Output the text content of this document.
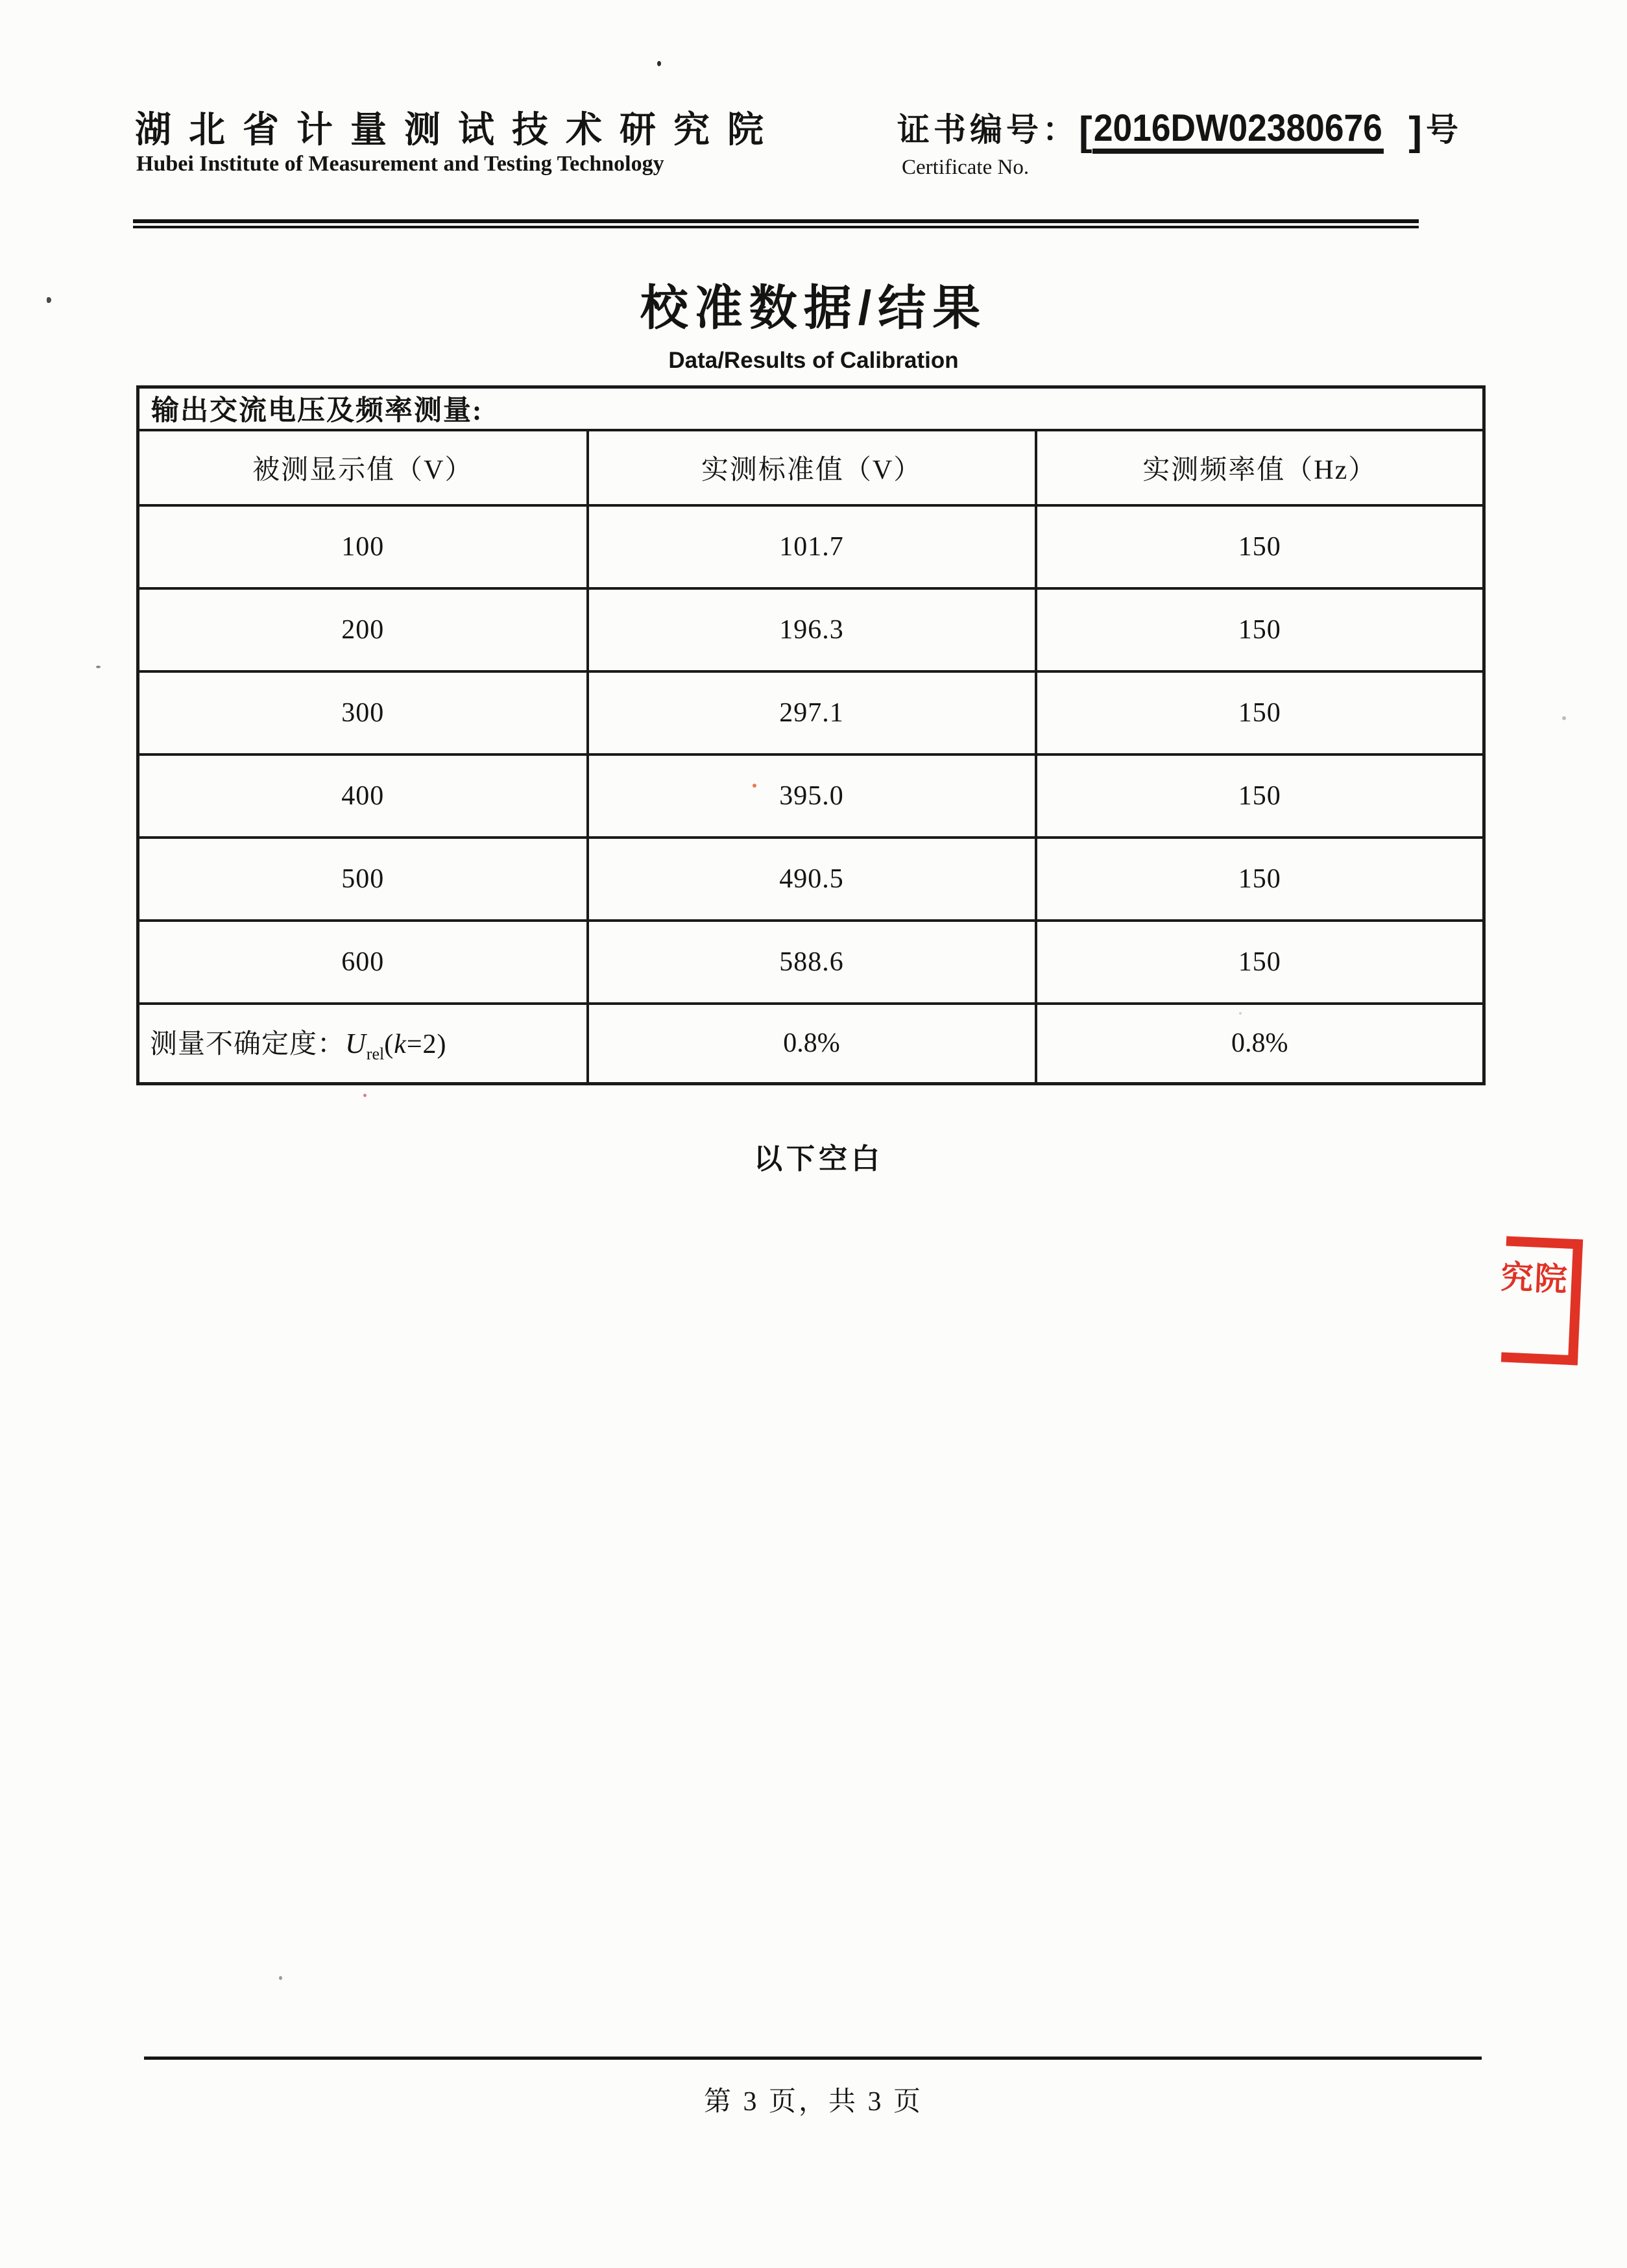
湖北省计量测试技术研究院
Hubei Institute of Measurement and Testing Technology
证书编号：[2016DW02380676 ] 号
Certificate No.
校准数据/结果
Data/Results of Calibration
输出交流电压及频率测量:		
被测显示值（V）	实测标准值（V）	实测频率值（Hz）
100	101.7	150
200	196.3	150
300	297.1	150
400	395.0	150
500	490.5	150
600	588.6	150
测量不确定度：$U_{rel}(k=2)$	0.8%	0.8%
以下空白
究院
第 3 页，共 3 页
